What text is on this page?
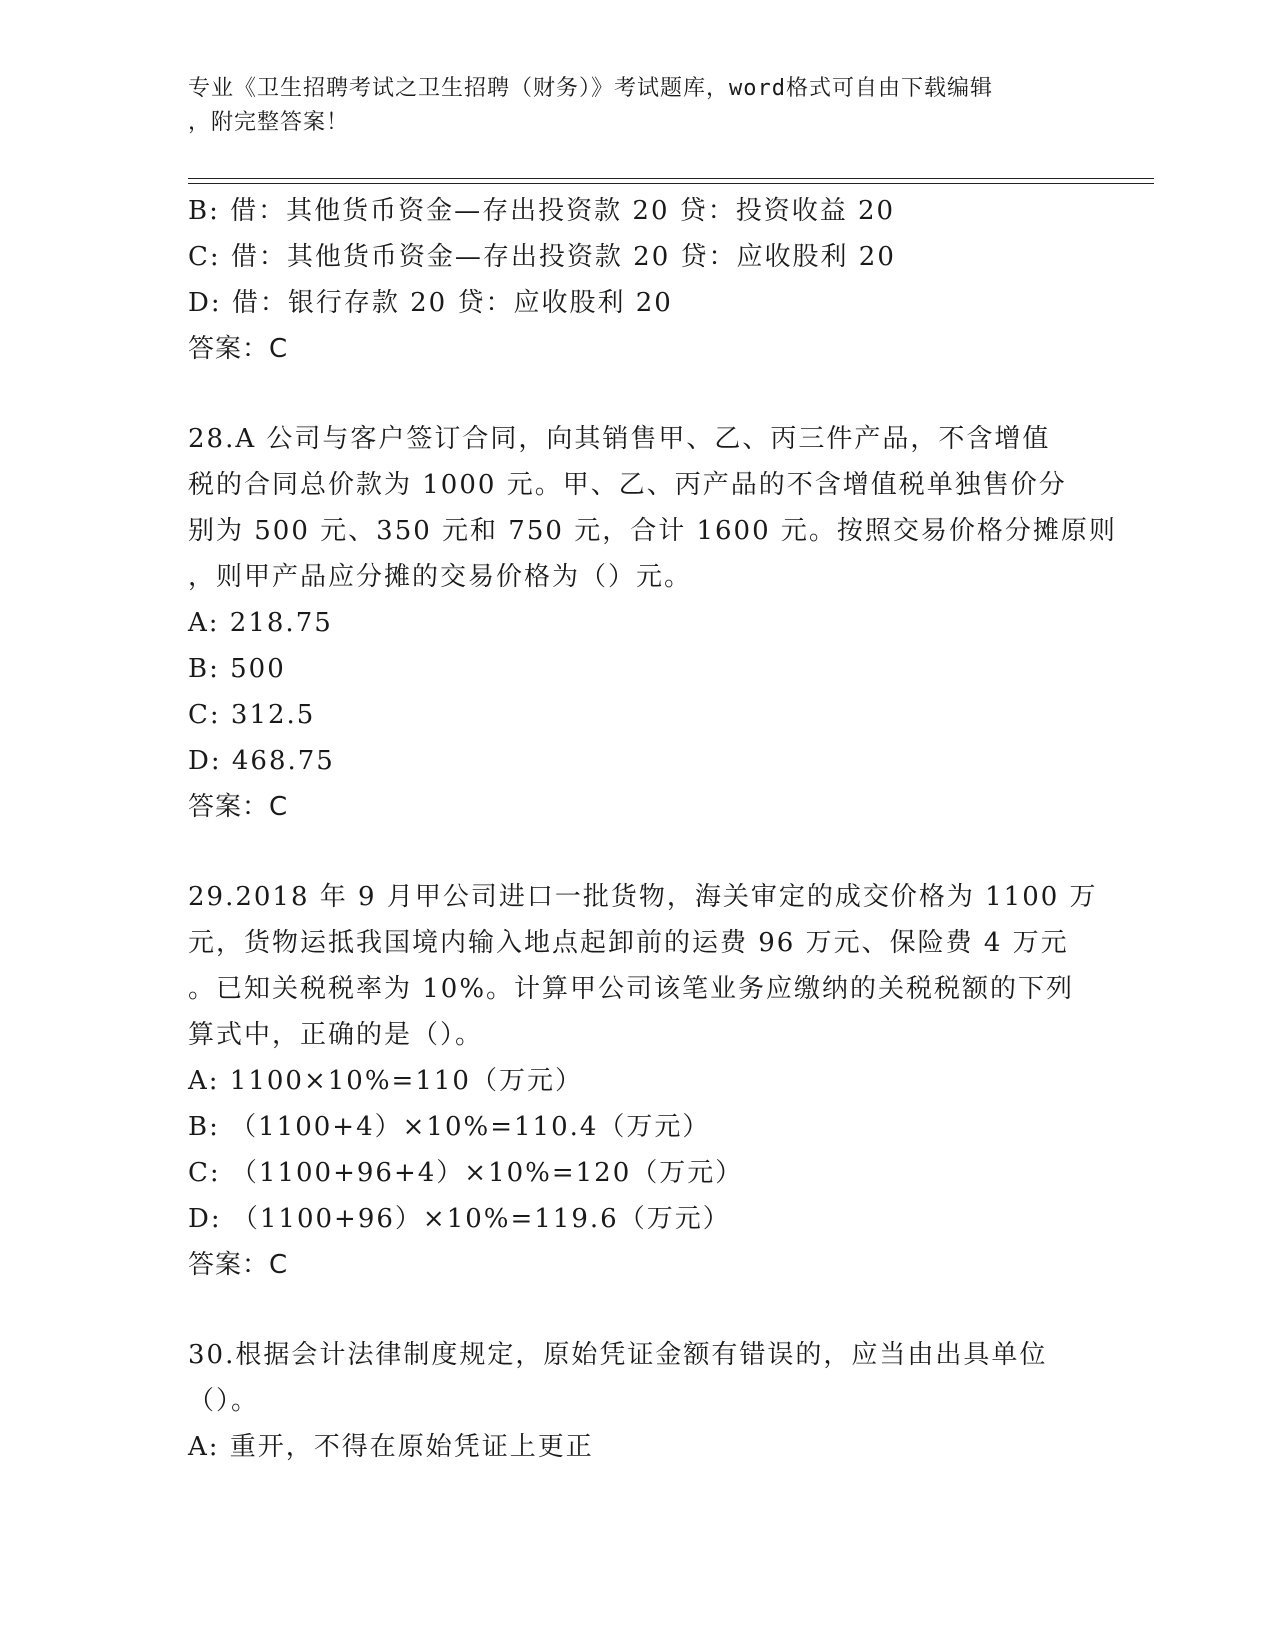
专业《卫生招聘考试之卫生招聘（财务）》考试题库，word格式可自由下载编辑
，附完整答案！
B: 借：其他货币资金—存出投资款 20 贷：投资收益 20
C: 借：其他货币资金—存出投资款 20 贷：应收股利 20
D: 借：银行存款 20 贷：应收股利 20
答案：C
28.A 公司与客户签订合同，向其销售甲、乙、丙三件产品，不含增值
税的合同总价款为 1000 元。甲、乙、丙产品的不含增值税单独售价分
别为 500 元、350 元和 750 元，合计 1600 元。按照交易价格分摊原则
，则甲产品应分摊的交易价格为（）元。
A: 218.75
B: 500
C: 312.5
D: 468.75
答案：C
29.2018 年 9 月甲公司进口一批货物，海关审定的成交价格为 1100 万
元，货物运抵我国境内输入地点起卸前的运费 96 万元、保险费 4 万元
。已知关税税率为 10%。计算甲公司该笔业务应缴纳的关税税额的下列
算式中，正确的是（）。
A: 1100×10%=110（万元）
B: （1100+4）×10%=110.4（万元）
C: （1100+96+4）×10%=120（万元）
D: （1100+96）×10%=119.6（万元）
答案：C
30.根据会计法律制度规定，原始凭证金额有错误的，应当由出具单位
（）。
A: 重开，不得在原始凭证上更正
